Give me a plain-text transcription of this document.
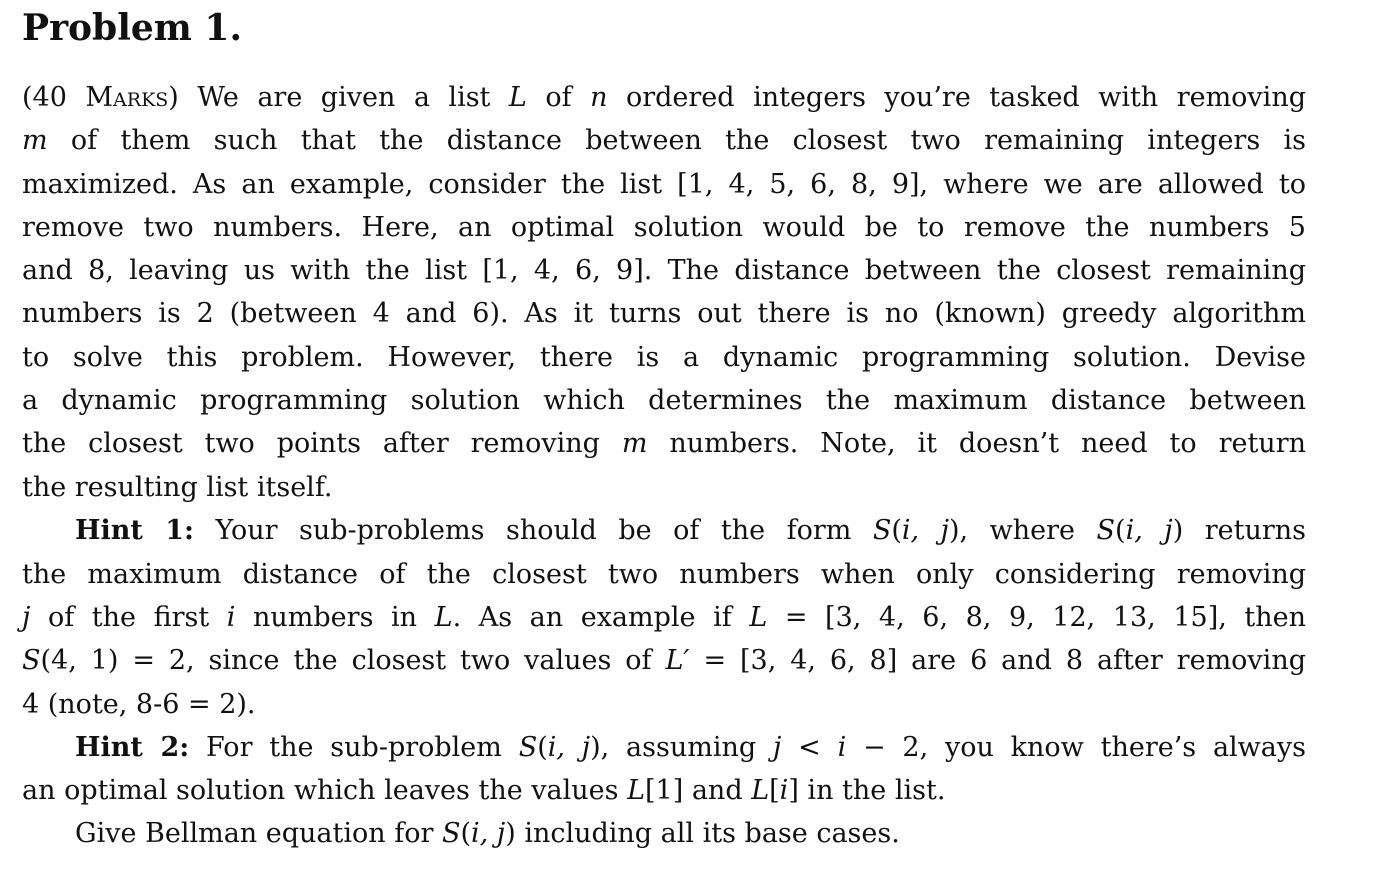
Problem 1.
(40 Marks) We are given a list L of n ordered integers you’re tasked with removing
m of them such that the distance between the closest two remaining integers is
maximized. As an example, consider the list [1, 4, 5, 6, 8, 9], where we are allowed to
remove two numbers. Here, an optimal solution would be to remove the numbers 5
and 8, leaving us with the list [1, 4, 6, 9]. The distance between the closest remaining
numbers is 2 (between 4 and 6). As it turns out there is no (known) greedy algorithm
to solve this problem. However, there is a dynamic programming solution. Devise
a dynamic programming solution which determines the maximum distance between
the closest two points after removing m numbers. Note, it doesn’t need to return
the resulting list itself.
Hint 1: Your sub-problems should be of the form S(i, j), where S(i, j) returns
the maximum distance of the closest two numbers when only considering removing
j of the first i numbers in L. As an example if L = [3, 4, 6, 8, 9, 12, 13, 15], then
S(4, 1) = 2, since the closest two values of L′ = [3, 4, 6, 8] are 6 and 8 after removing
4 (note, 8-6 = 2).
Hint 2: For the sub-problem S(i, j), assuming j < i − 2, you know there’s always
an optimal solution which leaves the values L[1] and L[i] in the list.
Give Bellman equation for S(i, j) including all its base cases.
